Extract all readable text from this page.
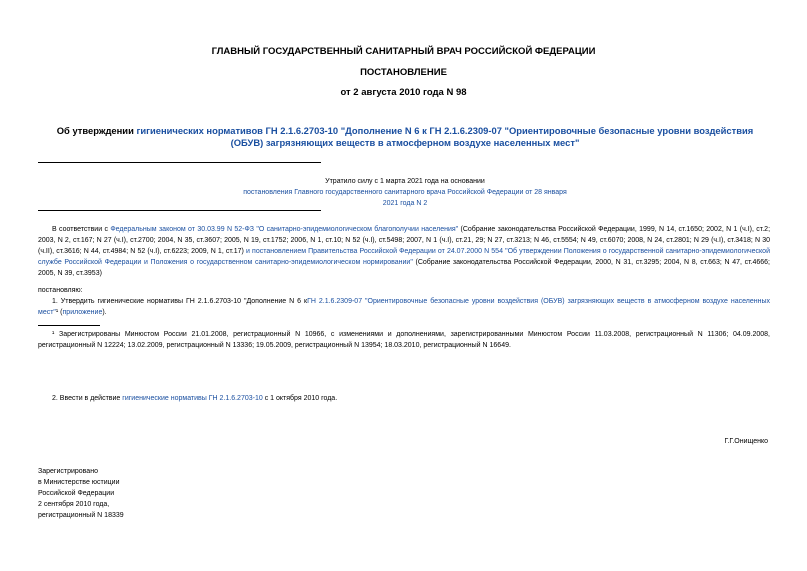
ГЛАВНЫЙ ГОСУДАРСТВЕННЫЙ САНИТАРНЫЙ ВРАЧ РОССИЙСКОЙ ФЕДЕРАЦИИ
ПОСТАНОВЛЕНИЕ
от 2 августа 2010 года N 98
Об утверждении гигиенических нормативов ГН 2.1.6.2703-10 "Дополнение N 6 к ГН 2.1.6.2309-07 "Ориентировочные безопасные уровни воздействия (ОБУВ) загрязняющих веществ в атмосферном воздухе населенных мест"
Утратило силу с 1 марта 2021 года на основании
постановления Главного государственного санитарного врача Российской Федерации от 28 января 2021 года N 2
В соответствии с Федеральным законом от 30.03.99 N 52-ФЗ "О санитарно-эпидемиологическом благополучии населения" (Собрание законодательства Российской Федерации, 1999, N 14, ст.1650; 2002, N 1 (ч.I), ст.2; 2003, N 2, ст.167; N 27 (ч.I), ст.2700; 2004, N 35, ст.3607; 2005, N 19, ст.1752; 2006, N 1, ст.10; N 52 (ч.I), ст.5498; 2007, N 1 (ч.I), ст.21, 29; N 27, ст.3213; N 46, ст.5554; N 49, ст.6070; 2008, N 24, ст.2801; N 29 (ч.I), ст.3418; N 30 (ч.II), ст.3616; N 44, ст.4984; N 52 (ч.I), ст.6223; 2009, N 1, ст.17) и постановлением Правительства Российской Федерации от 24.07.2000 N 554 "Об утверждении Положения о государственной санитарно-эпидемиологической службе Российской Федерации и Положения о государственном санитарно-эпидемиологическом нормировании" (Собрание законодательства Российской Федерации, 2000, N 31, ст.3295; 2004, N 8, ст.663; N 47, ст.4666; 2005, N 39, ст.3953)
постановляю:
1. Утвердить гигиенические нормативы ГН 2.1.6.2703-10 "Дополнение N 6 кГН 2.1.6.2309-07 "Ориентировочные безопасные уровни воздействия (ОБУВ) загрязняющих веществ в атмосферном воздухе населенных мест"¹ (приложение).
¹ Зарегистрированы Минюстом России 21.01.2008, регистрационный N 10966, с изменениями и дополнениями, зарегистрированными Минюстом России 11.03.2008, регистрационный N 11306; 04.09.2008, регистрационный N 12224; 13.02.2009, регистрационный N 13336; 19.05.2009, регистрационный N 13954; 18.03.2010, регистрационный N 16649.
2. Ввести в действие гигиенические нормативы ГН 2.1.6.2703-10 с 1 октября 2010 года.
Г.Г.Онищенко
Зарегистрировано
в Министерстве юстиции
Российской Федерации
2 сентября 2010 года,
регистрационный N 18339
